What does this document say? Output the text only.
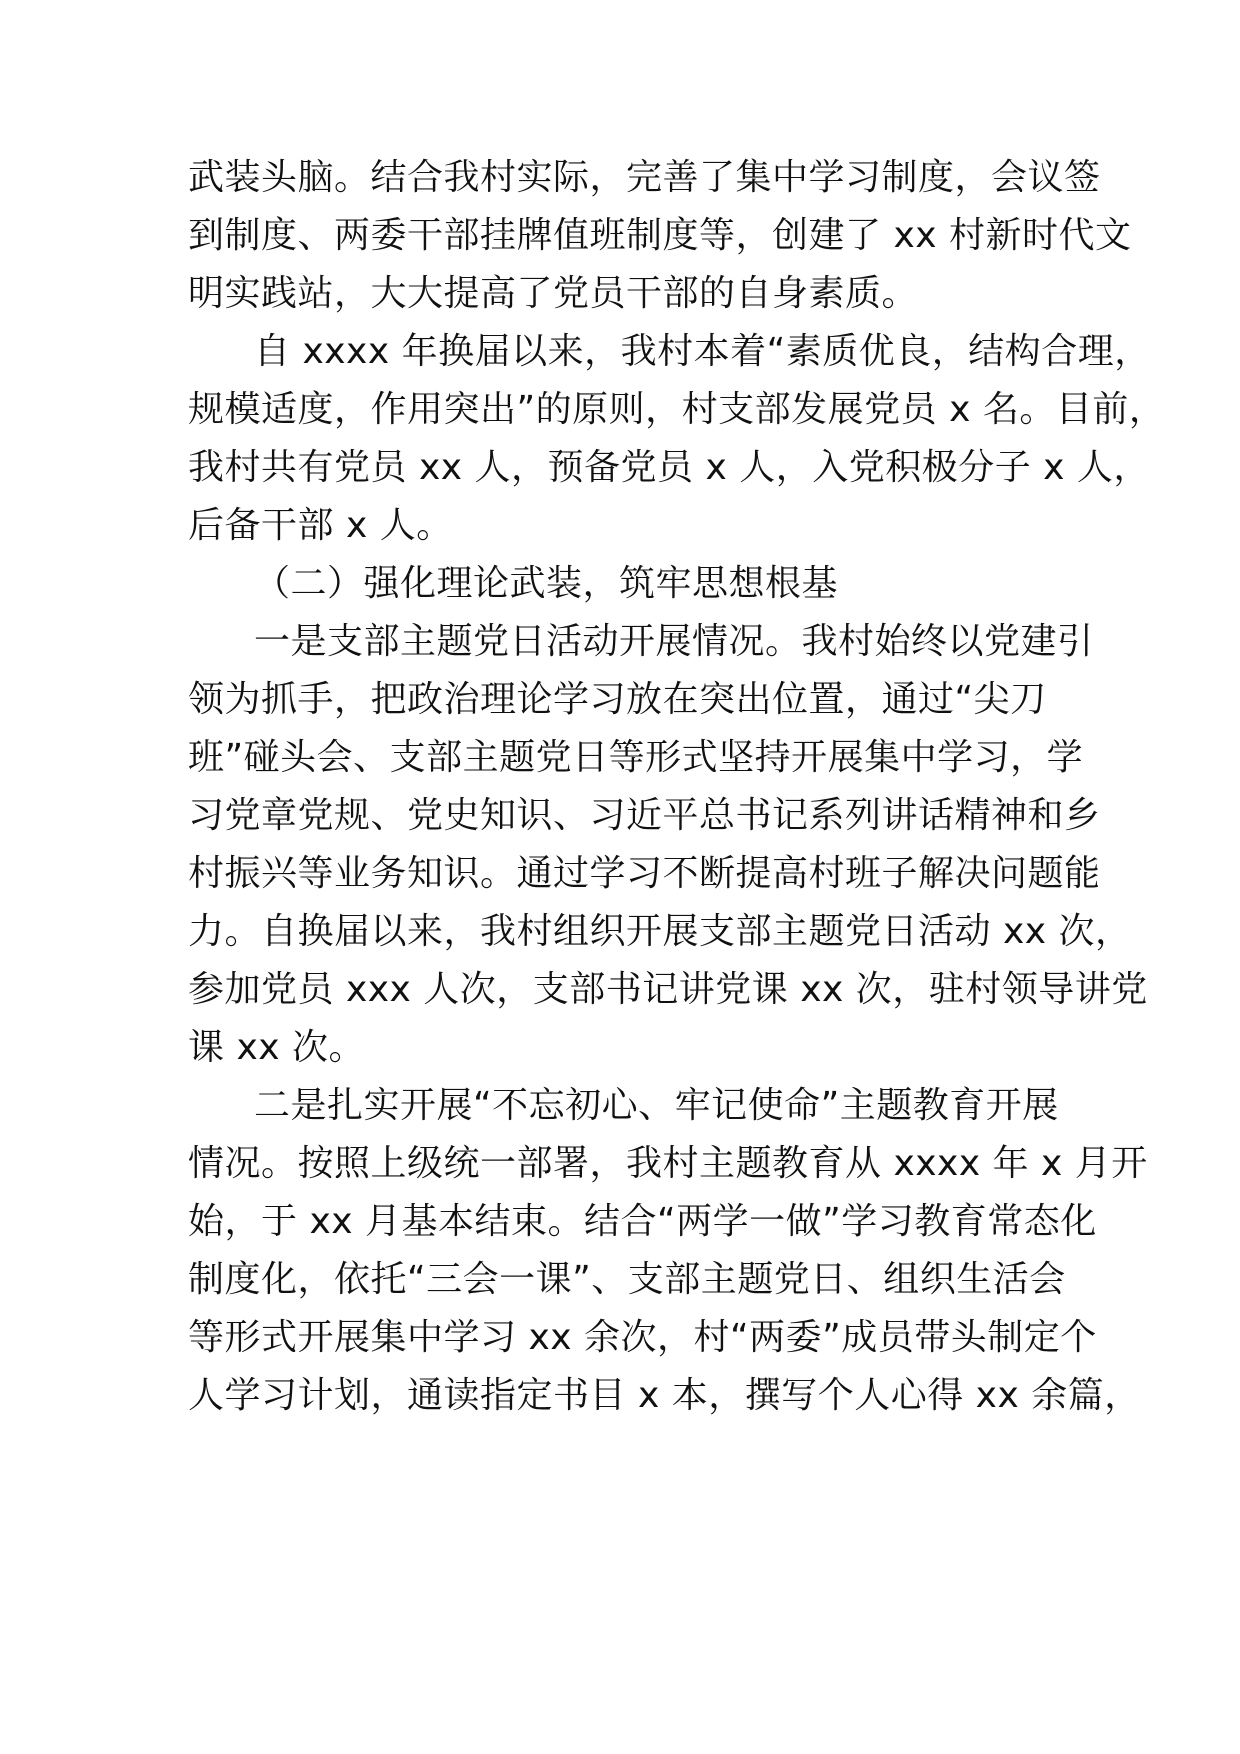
武装头脑。结合我村实际，完善了集中学习制度，会议签
到制度、两委干部挂牌值班制度等，创建了 xx 村新时代文
明实践站，大大提高了党员干部的自身素质。
自 xxxx 年换届以来，我村本着“素质优良，结构合理，
规模适度，作用突出”的原则，村支部发展党员 x 名。目前，
我村共有党员 xx 人，预备党员 x 人，入党积极分子 x 人，
后备干部 x 人。
（二）强化理论武装，筑牢思想根基
一是支部主题党日活动开展情况。我村始终以党建引
领为抓手，把政治理论学习放在突出位置，通过“尖刀
班”碰头会、支部主题党日等形式坚持开展集中学习，学
习党章党规、党史知识、习近平总书记系列讲话精神和乡
村振兴等业务知识。通过学习不断提高村班子解决问题能
力。自换届以来，我村组织开展支部主题党日活动 xx 次，
参加党员 xxx 人次，支部书记讲党课 xx 次，驻村领导讲党
课 xx 次。
二是扎实开展“不忘初心、牢记使命”主题教育开展
情况。按照上级统一部署，我村主题教育从 xxxx 年 x 月开
始，于 xx 月基本结束。结合“两学一做”学习教育常态化
制度化，依托“三会一课”、支部主题党日、组织生活会
等形式开展集中学习 xx 余次，村“两委”成员带头制定个
人学习计划，通读指定书目 x 本，撰写个人心得 xx 余篇，
